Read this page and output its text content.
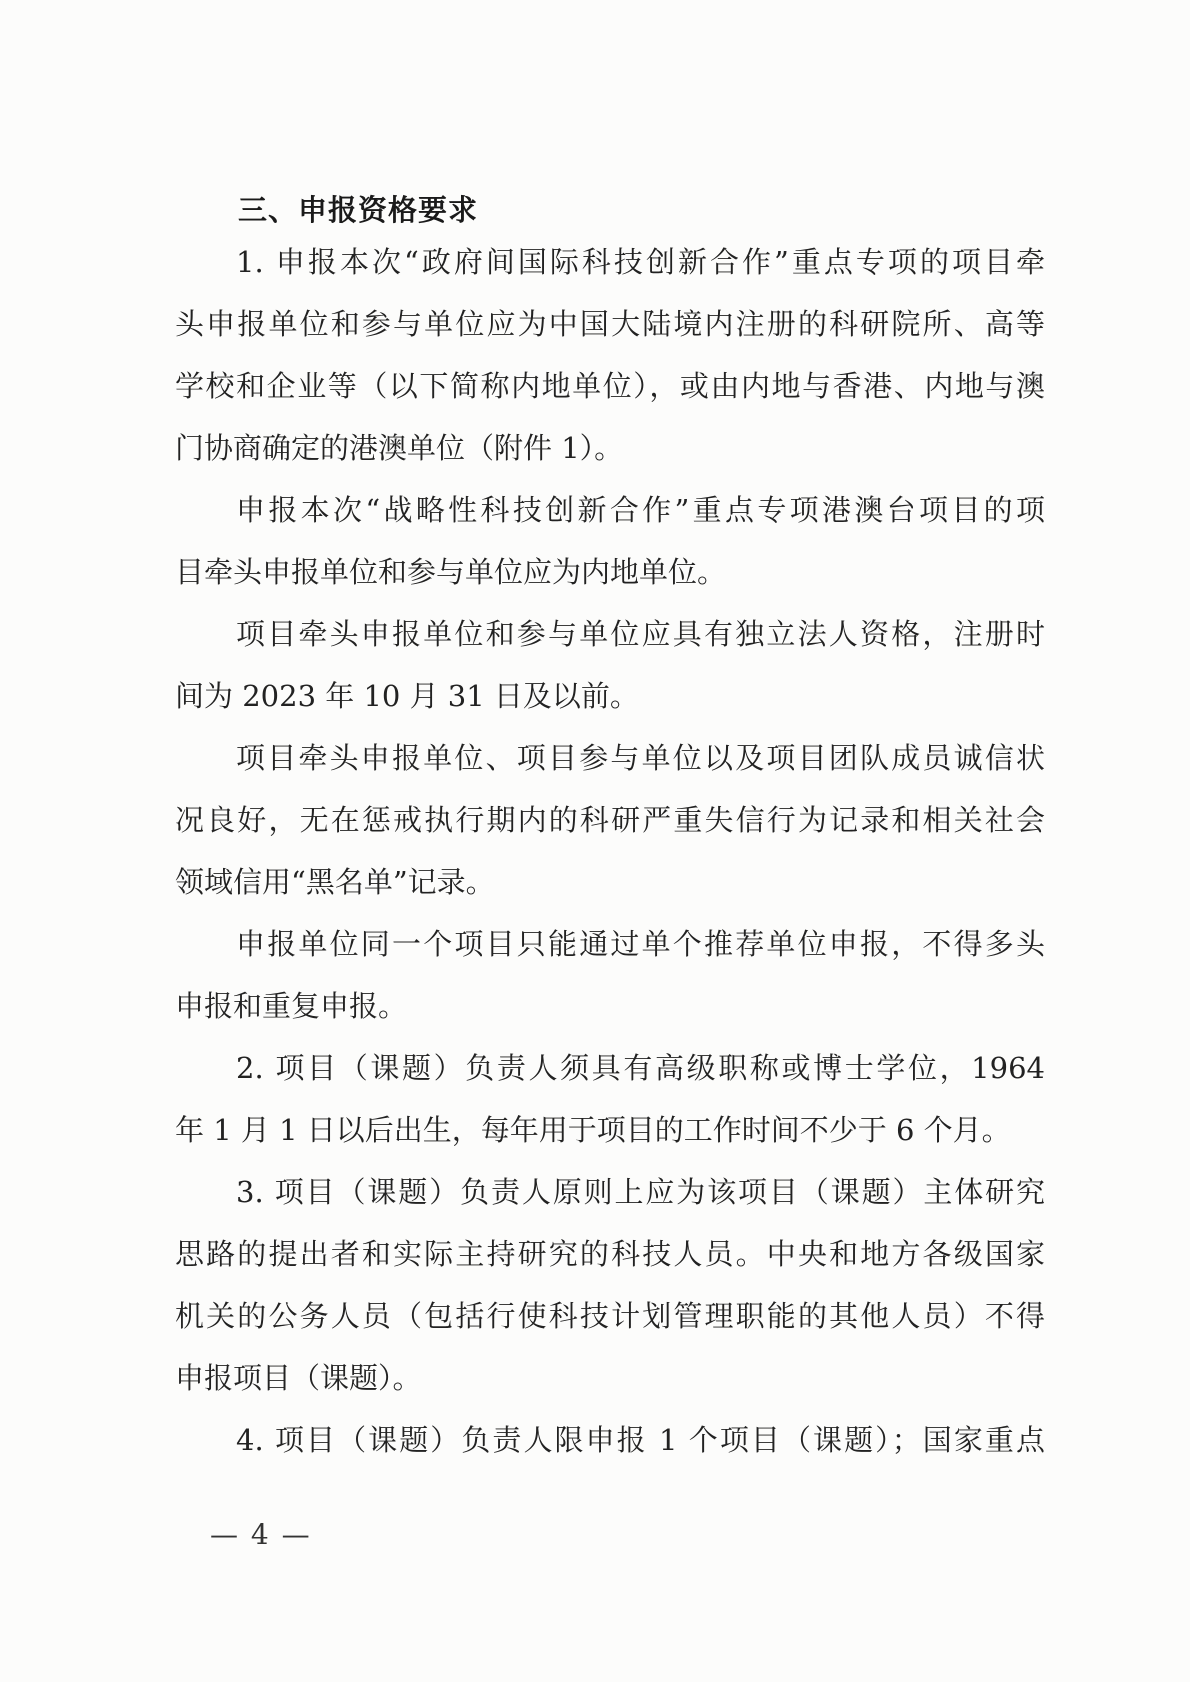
三、申报资格要求
1. 申报本次“政府间国际科技创新合作”重点专项的项目牵
头申报单位和参与单位应为中国大陆境内注册的科研院所、高等
学校和企业等（以下简称内地单位），或由内地与香港、内地与澳
门协商确定的港澳单位（附件 1）。
申报本次“战略性科技创新合作”重点专项港澳台项目的项
目牵头申报单位和参与单位应为内地单位。
项目牵头申报单位和参与单位应具有独立法人资格，注册时
间为 2023 年 10 月 31 日及以前。
项目牵头申报单位、项目参与单位以及项目团队成员诚信状
况良好，无在惩戒执行期内的科研严重失信行为记录和相关社会
领域信用“黑名单”记录。
申报单位同一个项目只能通过单个推荐单位申报，不得多头
申报和重复申报。
2. 项目（课题）负责人须具有高级职称或博士学位，1964
年 1 月 1 日以后出生，每年用于项目的工作时间不少于 6 个月。
3. 项目（课题）负责人原则上应为该项目（课题）主体研究
思路的提出者和实际主持研究的科技人员。中央和地方各级国家
机关的公务人员（包括行使科技计划管理职能的其他人员）不得
申报项目（课题）。
4. 项目（课题）负责人限申报 1 个项目（课题）；国家重点
— 4 —
